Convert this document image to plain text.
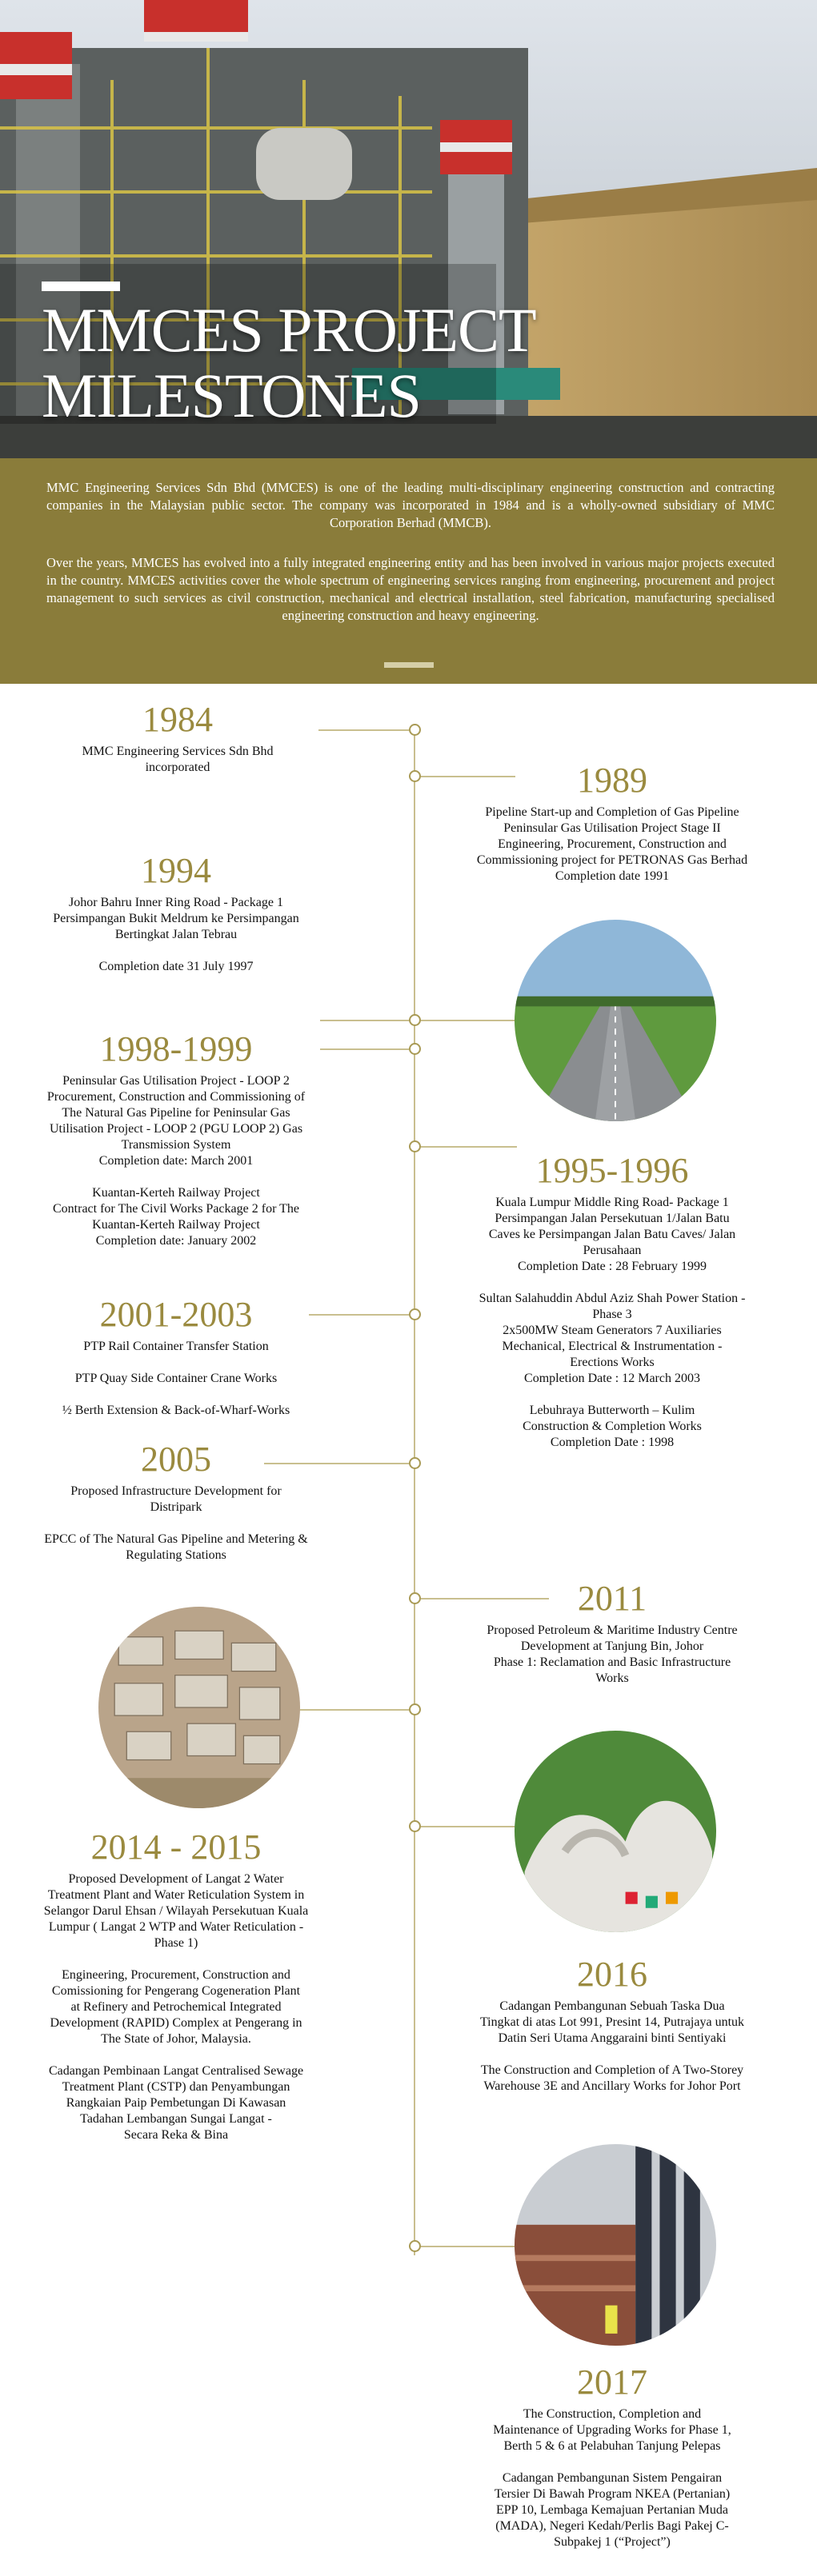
MMCES PROJECT
MILESTONES

MMC Engineering Services Sdn Bhd (MMCES) is one of the leading multi-disciplinary engineering construction and contracting companies in the Malaysian public sector. The company was incorporated in 1984 and is a wholly-owned subsidiary of MMC Corporation Berhad (MMCB).

Over the years, MMCES has evolved into a fully integrated engineering entity and has been involved in various major projects executed in the country. MMCES activities cover the whole spectrum of engineering services ranging from engineering, procurement and project management to such services as civil construction, mechanical and electrical installation, steel fabrication, manufacturing specialised engineering construction and heavy engineering.

1984

MMC Engineering Services Sdn Bhd
incorporated	1989

Pipeline Start-up and Completion of Gas Pipeline
Peninsular Gas Utilisation Project Stage II
Engineering, Procurement, Construction and
Commissioning project for PETRONAS Gas Berhad
Completion date 1991

1994

Johor Bahru Inner Ring Road - Package 1
Persimpangan Bukit Meldrum ke Persimpangan
Bertingkat Jalan Tebrau

Completion date 31 July 1997

1998-1999

Peninsular Gas Utilisation Project - LOOP 2
Procurement, Construction and Commissioning of
The Natural Gas Pipeline for Peninsular Gas
Utilisation Project - LOOP 2 (PGU LOOP 2) Gas
Transmission System
Completion date: March 2001

Kuantan-Kerteh Railway Project
Contract for The Civil Works Package 2 for The
Kuantan-Kerteh Railway Project
Completion date: January 2002

1995-1996

Kuala Lumpur Middle Ring Road- Package 1
Persimpangan Jalan Persekutuan 1/Jalan Batu
Caves ke Persimpangan Jalan Batu Caves/ Jalan
Perusahaan
Completion Date : 28 February 1999

Sultan Salahuddin Abdul Aziz Shah Power Station -
Phase 3
2x500MW Steam Generators 7 Auxiliaries
Mechanical, Electrical & Instrumentation -
Erections Works
Completion Date : 12 March 2003

Lebuhraya Butterworth – Kulim
Construction & Completion Works
Completion Date : 1998

2001-2003

PTP Rail Container Transfer Station

PTP Quay Side Container Crane Works

½ Berth Extension & Back-of-Wharf-Works

2005

Proposed Infrastructure Development for
Distripark

EPCC of The Natural Gas Pipeline and Metering &
Regulating Stations

2011

Proposed Petroleum & Maritime Industry Centre
Development at Tanjung Bin, Johor
Phase 1: Reclamation and Basic Infrastructure
Works

2014 - 2015

Proposed Development of Langat 2 Water
Treatment Plant and Water Reticulation System in
Selangor Darul Ehsan / Wilayah Persekutuan Kuala
Lumpur ( Langat 2 WTP and Water Reticulation -
Phase 1)

Engineering, Procurement, Construction and
Comissioning for Pengerang Cogeneration Plant
at Refinery and Petrochemical Integrated
Development (RAPID) Complex at Pengerang in
The State of Johor, Malaysia.

Cadangan Pembinaan Langat Centralised Sewage
Treatment Plant (CSTP) dan Penyambungan
Rangkaian Paip Pembetungan Di Kawasan
Tadahan Lembangan Sungai Langat -
Secara Reka & Bina

2016

Cadangan Pembangunan Sebuah Taska Dua
Tingkat di atas Lot 991, Presint 14, Putrajaya untuk
Datin Seri Utama Anggaraini binti Sentiyaki

The Construction and Completion of A Two-Storey
Warehouse 3E and Ancillary Works for Johor Port

2017

The Construction, Completion and
Maintenance of Upgrading Works for Phase 1,
Berth 5 & 6 at Pelabuhan Tanjung Pelepas

Cadangan Pembangunan Sistem Pengairan
Tersier Di Bawah Program NKEA (Pertanian)
EPP 10, Lembaga Kemajuan Pertanian Muda
(MADA), Negeri Kedah/Perlis Bagi Pakej C-
Subpakej 1 (“Project”)
